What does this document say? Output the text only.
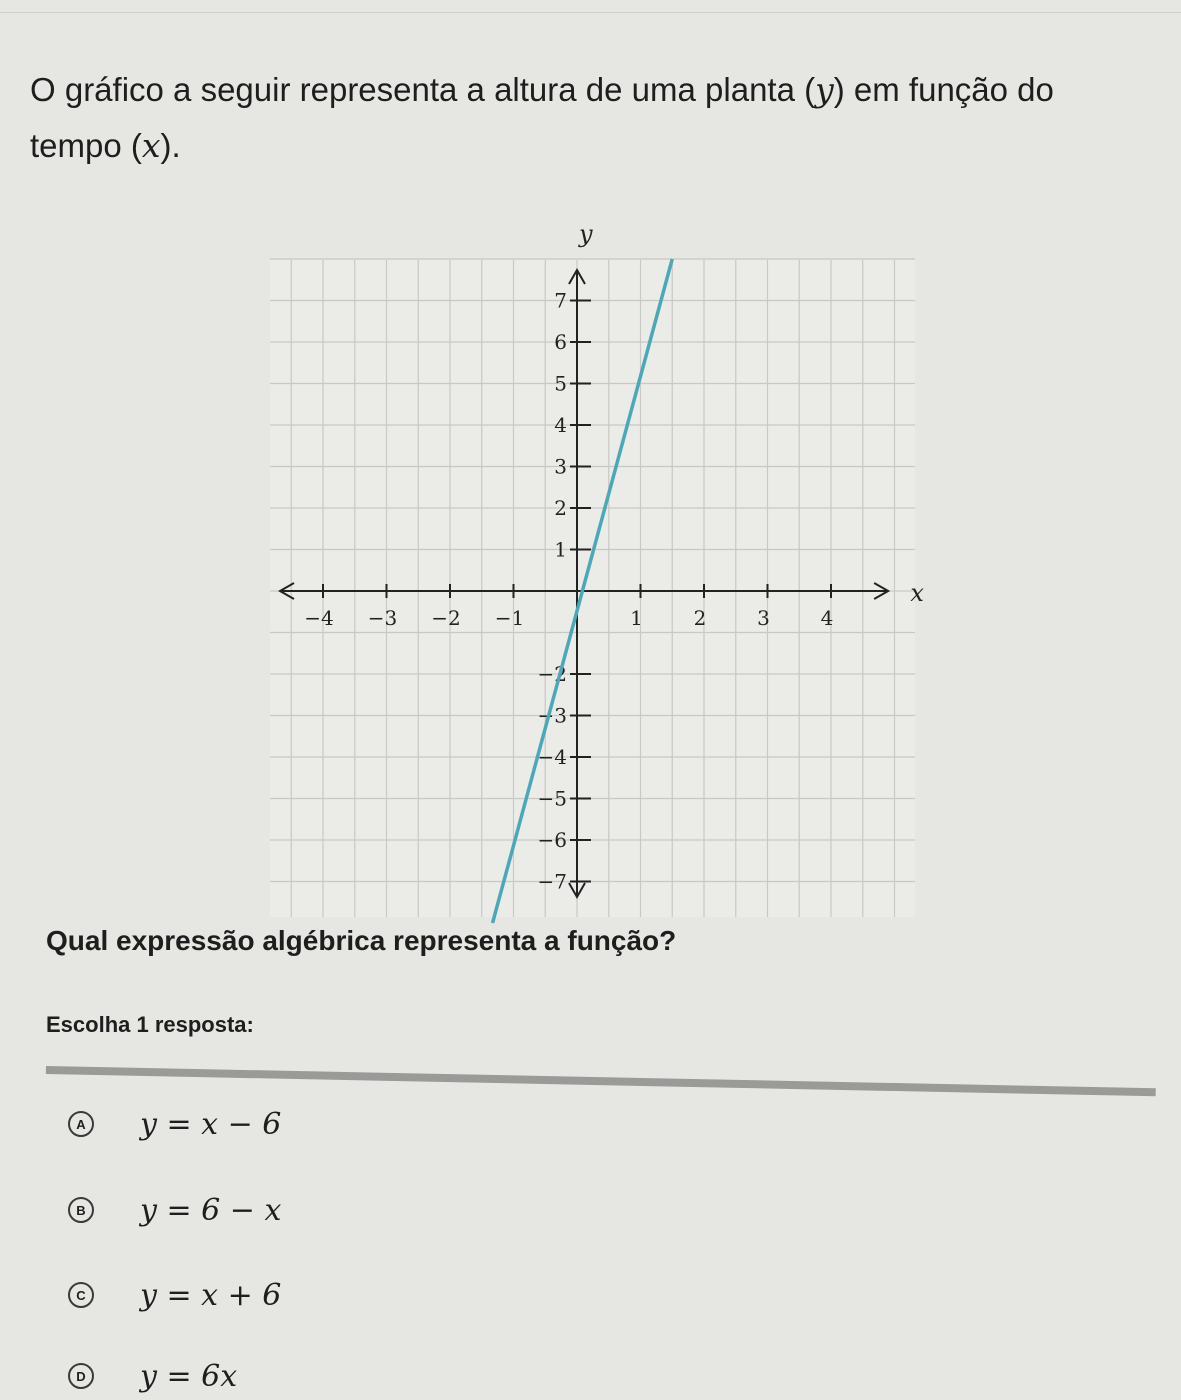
O gráfico a seguir representa a altura de uma planta (y) em função do tempo (x).

x
y
−4 −3 −2 −1	1	2	3	4
−7
−6
−5
−4
−3
−2
1
2
3
4
5
6
7

Qual expressão algébrica representa a função?

Escolha 1 resposta:

A y = x − 6
B y = 6 − x
C y = x + 6
D y = 6x
